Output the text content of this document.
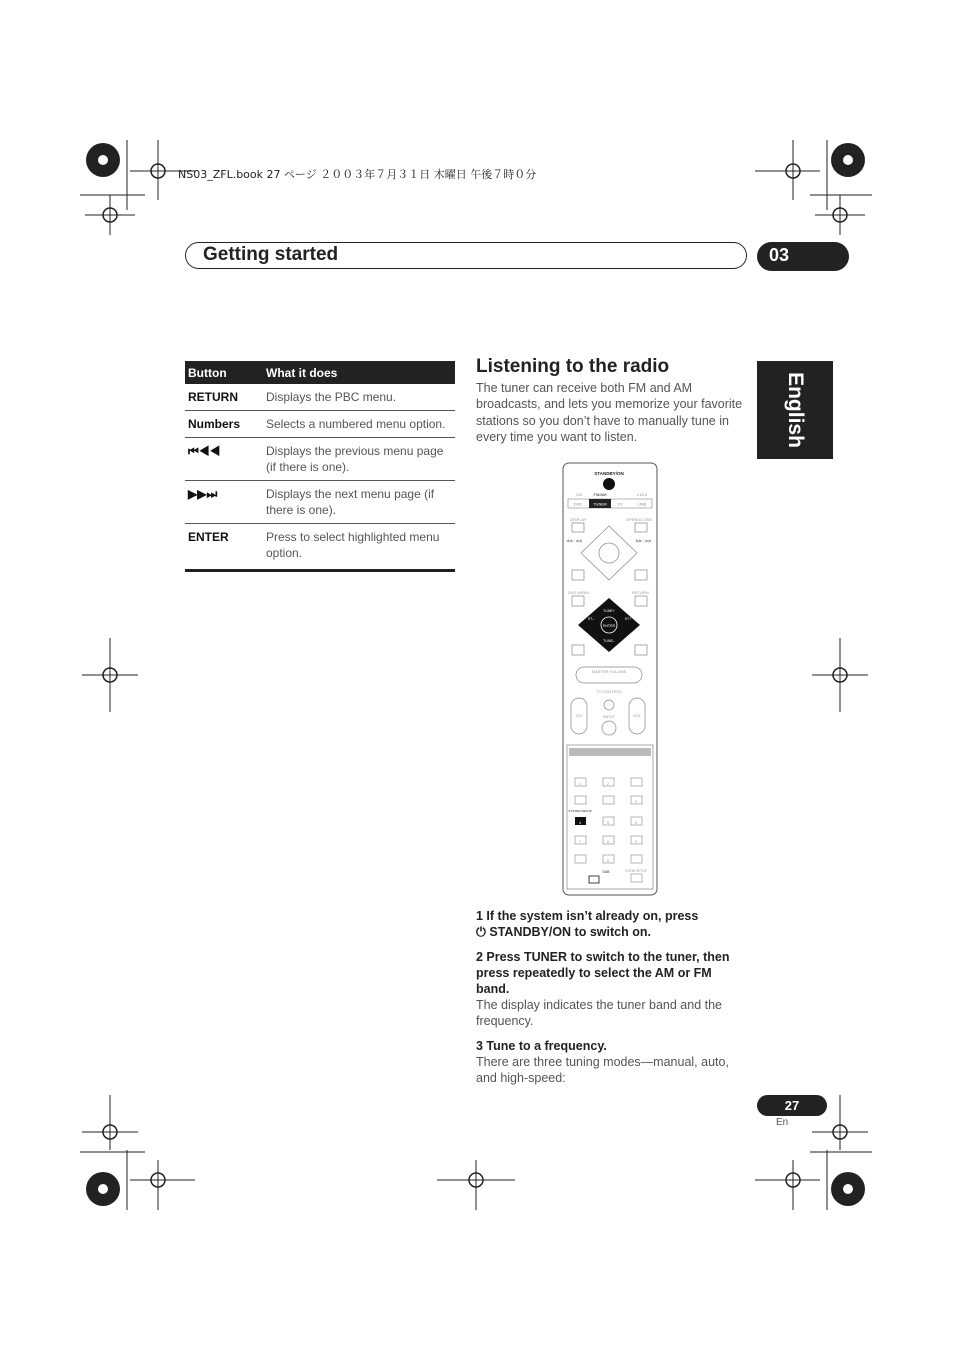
NS03_ZFL.book 27 ページ ２００３年７月３１日 木曜日 午後７時０分
Getting started	03
English
Button	What it does
RETURN	Displays the PBC menu.
Numbers	Selects a numbered menu option.
⏮◀◀	Displays the previous menu page (if there is one).
▶▶⏭	Displays the next menu page (if there is one).
ENTER	Press to select highlighted menu option.
Listening to the radio
The tuner can receive both FM and AM broadcasts, and lets you memorize your favorite stations so you don’t have to manually tune in every time you want to listen.
STANDBY/ON
CD	FM/AM	L1/L2
DVD	TUNER	TV	LINE
DISPLAY	OPEN/CLOSE
◀◀ / ◀◀	▶▶ / ▶▶
DVD MENU	RETURN
TUNE+
TUNE–
ST–	ST+
ENTER
MASTER VOLUME
TV CONTROL
CH	INPUT	VOL
1	2
3
4	5	6
7	8	9
0
SYSTEM SETUP
SUB	ROOM SETUP
1 If the system isn’t already on, press
⏻ STANDBY/ON to switch on.
2 Press TUNER to switch to the tuner, then press repeatedly to select the AM or FM band.
The display indicates the tuner band and the frequency.
3 Tune to a frequency.
There are three tuning modes—manual, auto, and high-speed:
27
En
